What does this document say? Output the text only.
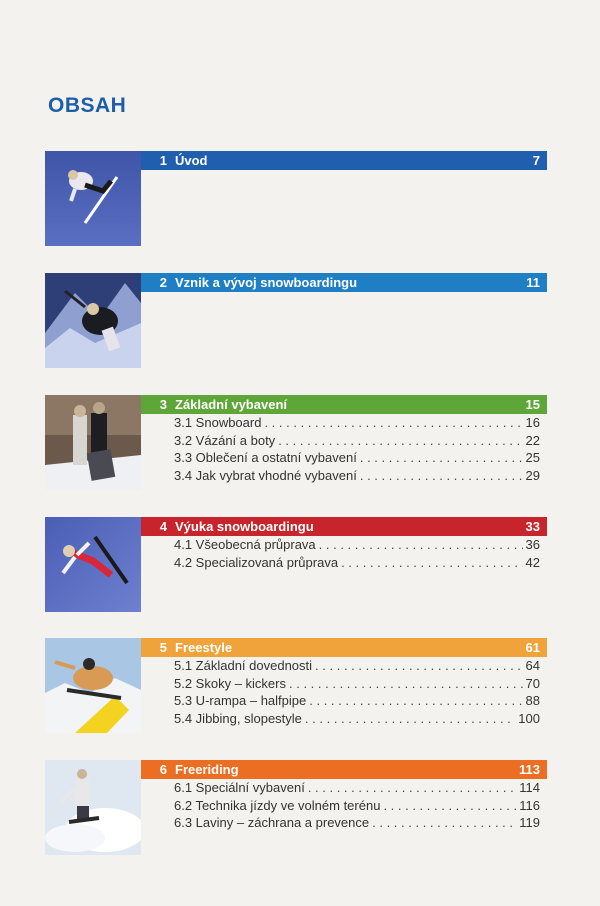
OBSAH
1 Úvod	7
2 Vznik a vývoj snowboardingu	11
3 Základní vybavení	15
3.1 Snowboard . . .	16
3.2 Vázání a boty . . .	22
3.3 Oblečení a ostatní vybavení . . .	25
3.4 Jak vybrat vhodné vybavení . . .	29
4 Výuka snowboardingu	33
4.1 Všeobecná průprava . . .	36
4.2 Specializovaná průprava . . .	42
5 Freestyle	61
5.1 Základní dovednosti . . .	64
5.2 Skoky – kickers . . .	70
5.3 U-rampa – halfpipe . . .	88
5.4 Jibbing, slopestyle . . .	100
6 Freeriding	113
6.1 Speciální vybavení . . .	114
6.2 Technika jízdy ve volném terénu . . .	116
6.3 Laviny – záchrana a prevence . . .	119
